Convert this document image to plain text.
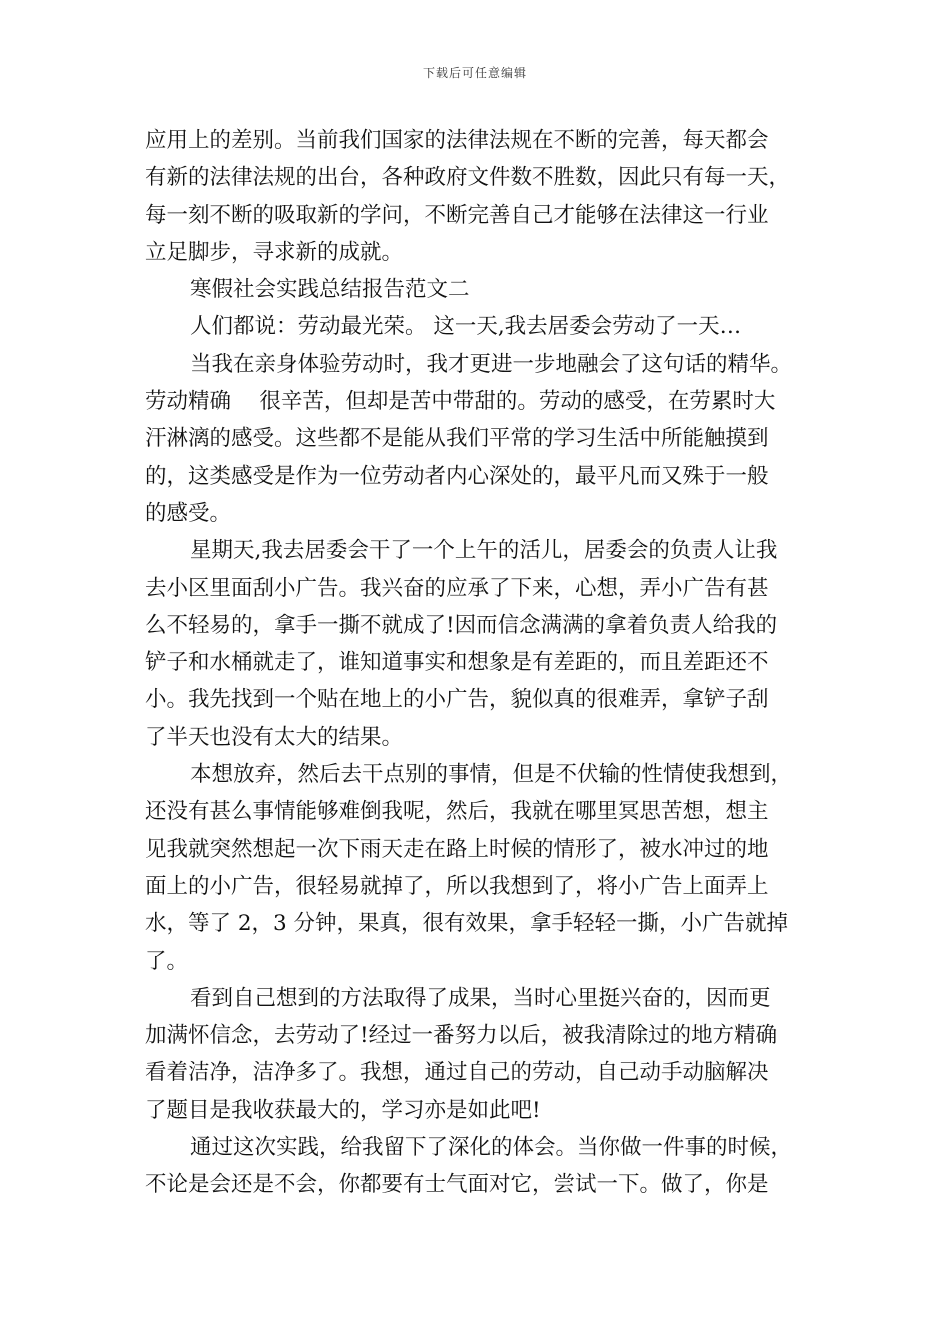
下载后可任意编辑
应用上的差别。当前我们国家的法律法规在不断的完善，每天都会
有新的法律法规的出台，各种政府文件数不胜数，因此只有每一天，
每一刻不断的吸取新的学问，不断完善自己才能够在法律这一行业
立足脚步，寻求新的成就。
寒假社会实践总结报告范文二
人们都说：劳动最光荣。 这一天,我去居委会劳动了一天…
当我在亲身体验劳动时，我才更进一步地融会了这句话的精华。
劳动精确　 很辛苦，但却是苦中带甜的。劳动的感受，在劳累时大
汗淋漓的感受。这些都不是能从我们平常的学习生活中所能触摸到
的，这类感受是作为一位劳动者内心深处的，最平凡而又殊于一般
的感受。
星期天,我去居委会干了一个上午的活儿，居委会的负责人让我
去小区里面刮小广告。我兴奋的应承了下来，心想，弄小广告有甚
么不轻易的，拿手一撕不就成了!因而信念满满的拿着负责人给我的
铲子和水桶就走了，谁知道事实和想象是有差距的，而且差距还不
小。我先找到一个贴在地上的小广告，貌似真的很难弄，拿铲子刮
了半天也没有太大的结果。
本想放弃，然后去干点别的事情，但是不伏输的性情使我想到，
还没有甚么事情能够难倒我呢，然后，我就在哪里冥思苦想，想主
见我就突然想起一次下雨天走在路上时候的情形了，被水冲过的地
面上的小广告，很轻易就掉了，所以我想到了，将小广告上面弄上
水，等了 2，3 分钟，果真，很有效果，拿手轻轻一撕，小广告就掉
了。
看到自己想到的方法取得了成果，当时心里挺兴奋的，因而更
加满怀信念，去劳动了!经过一番努力以后，被我清除过的地方精确
看着洁净，洁净多了。我想，通过自己的劳动，自己动手动脑解决
了题目是我收获最大的，学习亦是如此吧!
通过这次实践，给我留下了深化的体会。当你做一件事的时候，
不论是会还是不会，你都要有士气面对它，尝试一下。做了，你是
